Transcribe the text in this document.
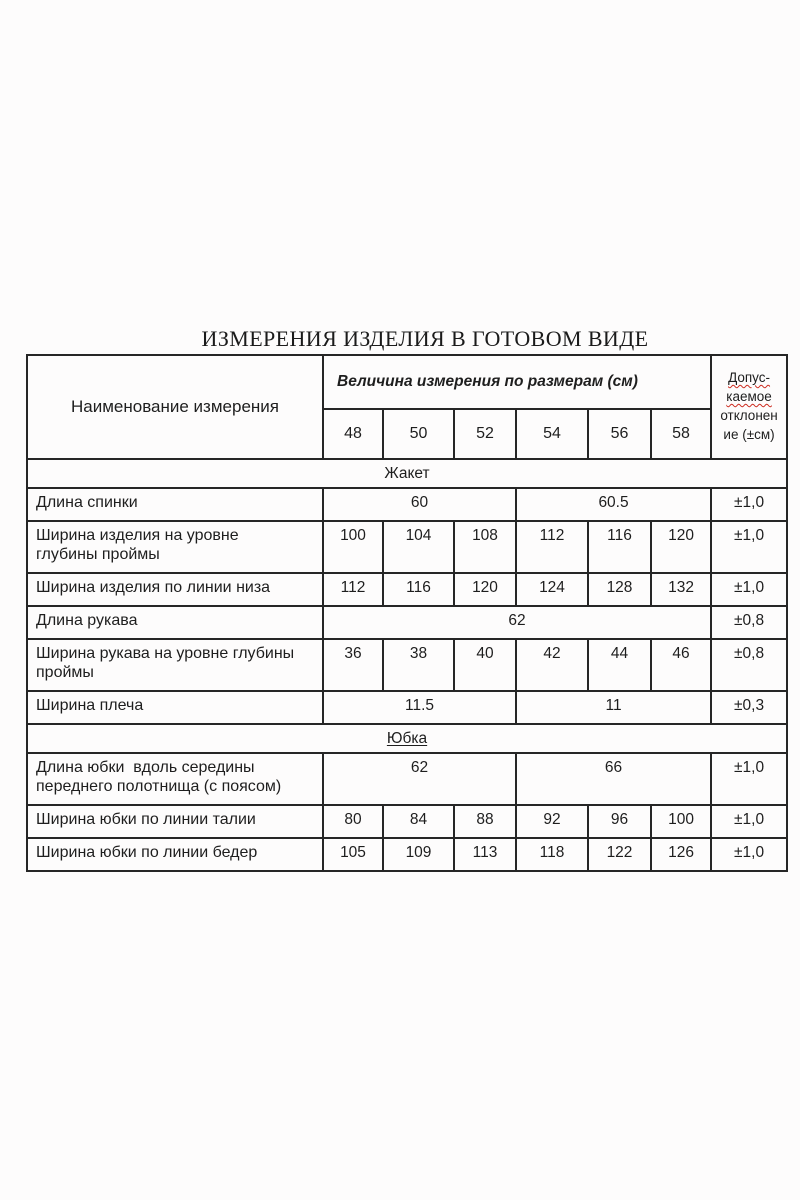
ИЗМЕРЕНИЯ ИЗДЕЛИЯ В ГОТОВОМ ВИДЕ
Наименование измерения	Величина измерения по размерам (см)						Допус-
каемое
отклонен
ие (±см)

	48	50	52	54	56	58	
Жакет							
Длина спинки	60			60.5			±1,0
Ширина изделия на уровне глубины проймы	100	104	108	112	116	120	±1,0
Ширина изделия по линии низа	112	116	120	124	128	132	±1,0
Длина рукава	62						±0,8
Ширина рукава на уровне глубины проймы	36	38	40	42	44	46	±0,8
Ширина плеча	11.5			11			±0,3
Юбка							
Длина юбки  вдоль середины переднего полотнища (с поясом)	62			66			±1,0
Ширина юбки по линии талии	80	84	88	92	96	100	±1,0
Ширина юбки по линии бедер	105	109	113	118	122	126	±1,0
